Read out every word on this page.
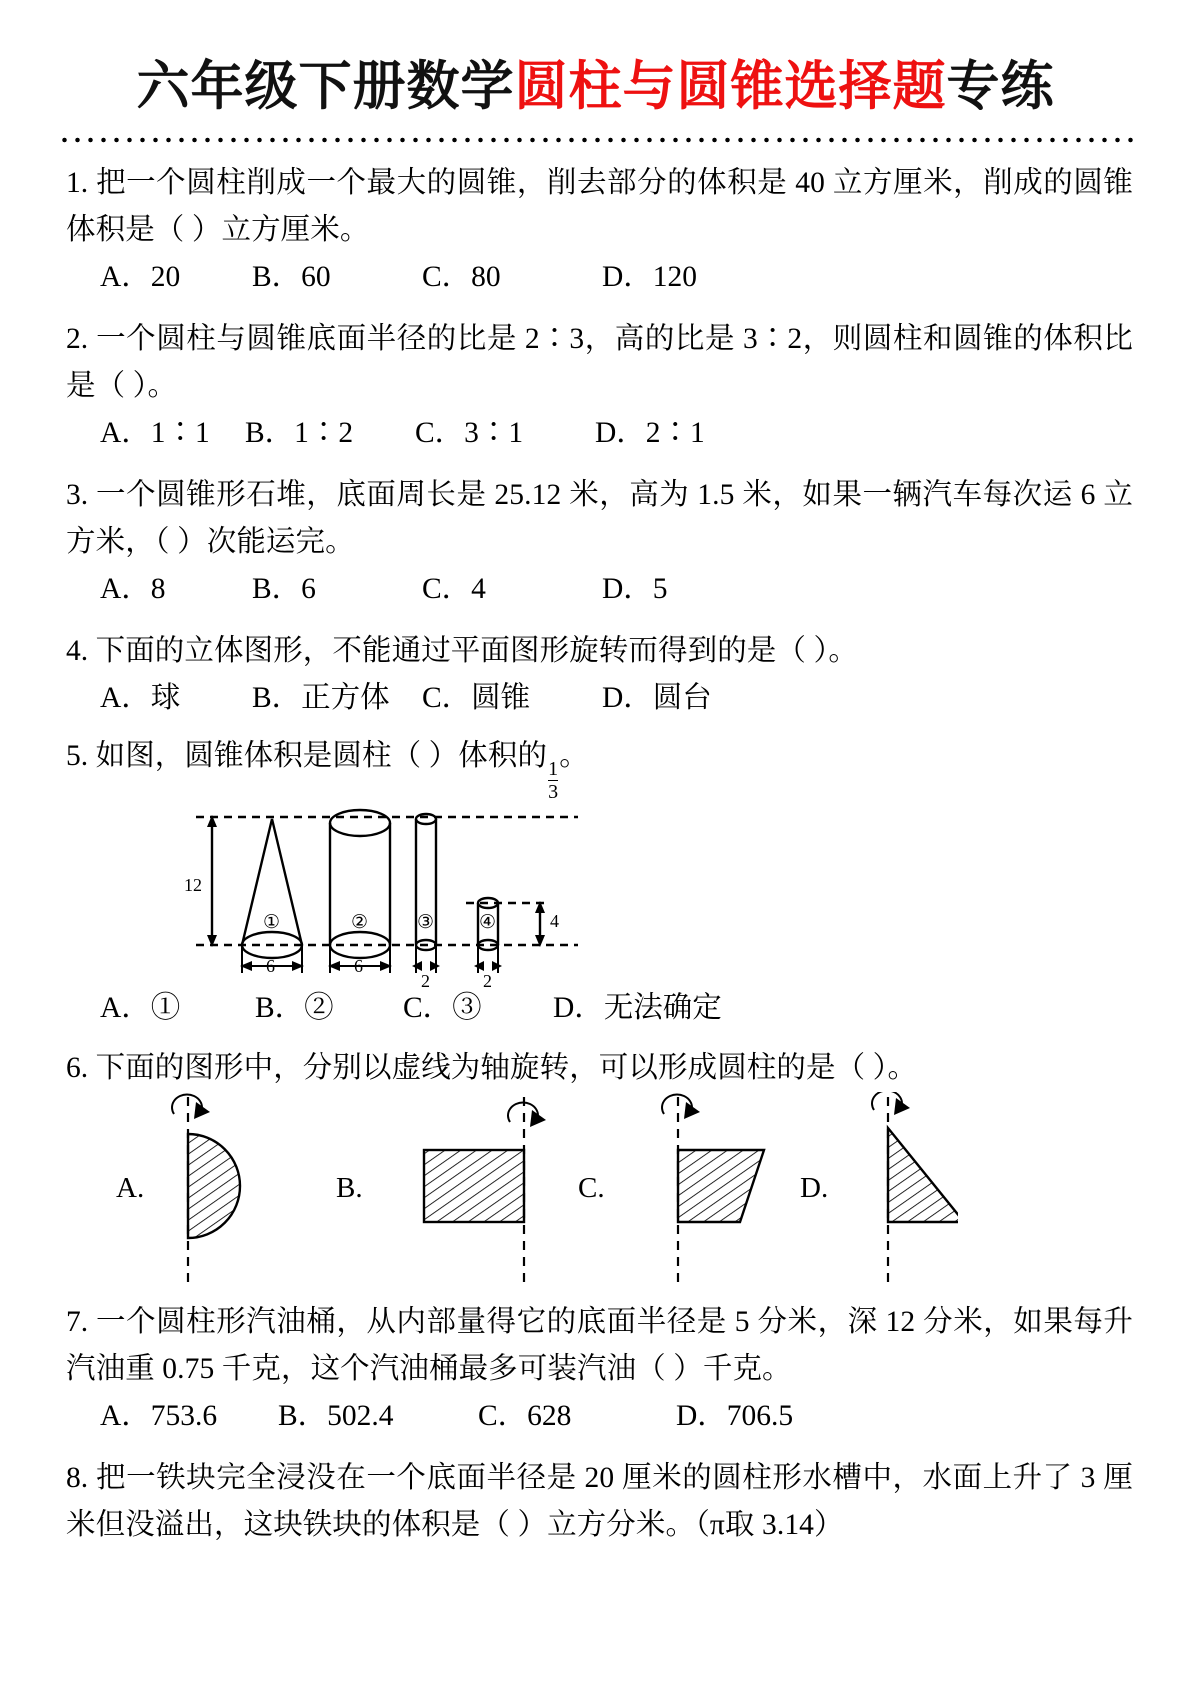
六年级下册数学圆柱与圆锥选择题专练
1. 把一个圆柱削成一个最大的圆锥，削去部分的体积是 40 立方厘米，削成的圆锥体积是（ ）立方厘米。
A．20	B．60	C．80	D．120
2. 一个圆柱与圆锥底面半径的比是 2∶3，高的比是 3∶2，则圆柱和圆锥的体积比是（ ）。
A．1∶1	B．1∶2	C．3∶1	D．2∶1
3. 一个圆锥形石堆，底面周长是 25.12 米，高为 1.5 米，如果一辆汽车每次运 6 立方米，（ ）次能运完。
A．8	B．6	C．4	D．5
4. 下面的立体图形，不能通过平面图形旋转而得到的是（ ）。
A．球	B．正方体	C．圆锥	D．圆台
5. 如图，圆锥体积是圆柱（ ）体积的
$\frac{1}{3}$
。
12
4
①	②	③ ④
6	6
2	2
A．①	B．②	C．③	D．无法确定
6. 下面的图形中，分别以虚线为轴旋转，可以形成圆柱的是（ ）。
A.	B.	C.	D.
7. 一个圆柱形汽油桶，从内部量得它的底面半径是 5 分米，深 12 分米，如果每升汽油重 0.75 千克，这个汽油桶最多可装汽油（ ）千克。
A．753.6	B．502.4	C．628	D．706.5
8. 把一铁块完全浸没在一个底面半径是 20 厘米的圆柱形水槽中，水面上升了 3 厘米但没溢出，这块铁块的体积是（ ）立方分米。（π取 3.14）
